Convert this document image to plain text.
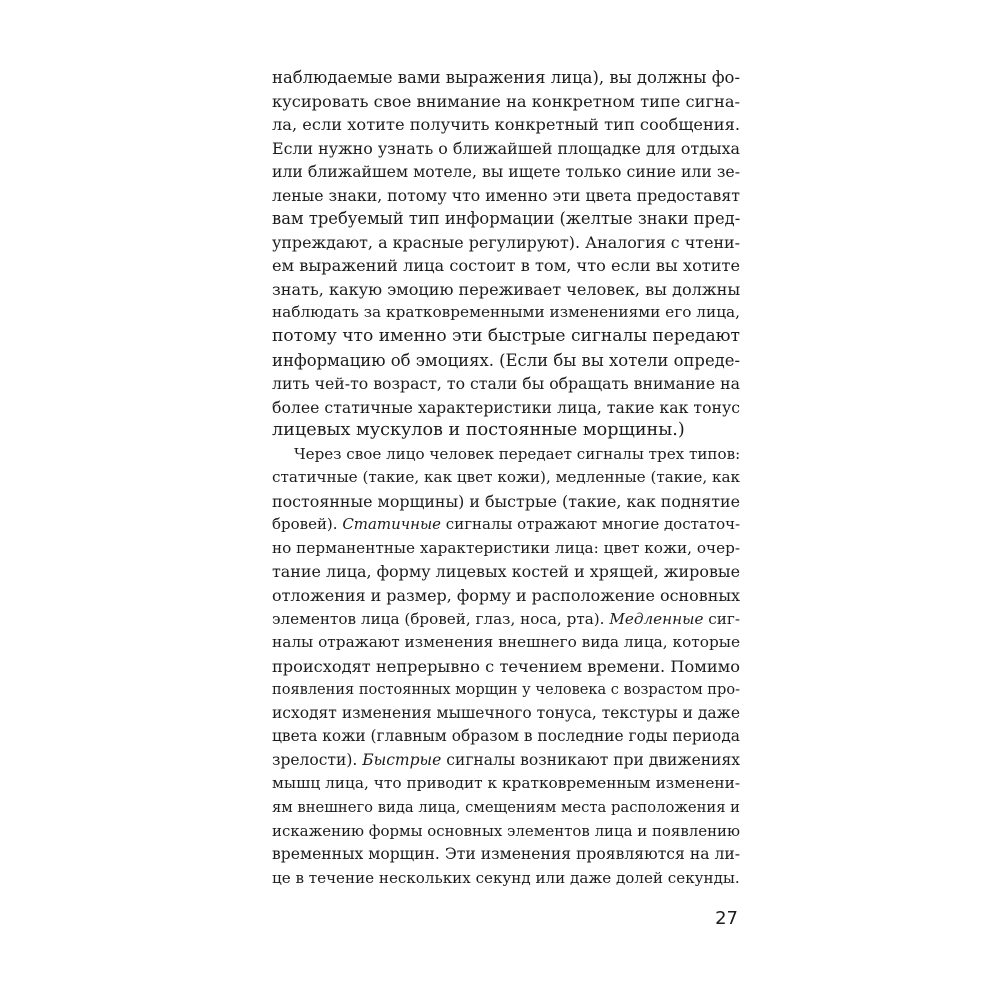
наблюдаемые вами выражения лица), вы должны фо-
кусировать свое внимание на конкретном типе сигна-
ла, если хотите получить конкретный тип сообщения.
Если нужно узнать о ближайшей площадке для отдыха
или ближайшем мотеле, вы ищете только синие или зе-
леные знаки, потому что именно эти цвета предоставят
вам требуемый тип информации (желтые знаки пред-
упреждают, а красные регулируют). Аналогия с чтени-
ем выражений лица состоит в том, что если вы хотите
знать, какую эмоцию переживает человек, вы должны
наблюдать за кратковременными изменениями его лица,
потому что именно эти быстрые сигналы передают
информацию об эмоциях. (Если бы вы хотели опреде-
лить чей-то возраст, то стали бы обращать внимание на
более статичные характеристики лица, такие как тонус
лицевых мускулов и постоянные морщины.)
Через свое лицо человек передает сигналы трех типов:
статичные (такие, как цвет кожи), медленные (такие, как
постоянные морщины) и быстрые (такие, как поднятие
бровей). Статичные сигналы отражают многие достаточ-
но перманентные характеристики лица: цвет кожи, очер-
тание лица, форму лицевых костей и хрящей, жировые
отложения и размер, форму и расположение основных
элементов лица (бровей, глаз, носа, рта). Медленные сиг-
налы отражают изменения внешнего вида лица, которые
происходят непрерывно с течением времени. Помимо
появления постоянных морщин у человека с возрастом про-
исходят изменения мышечного тонуса, текстуры и даже
цвета кожи (главным образом в последние годы периода
зрелости). Быстрые сигналы возникают при движениях
мышц лица, что приводит к кратковременным изменени-
ям внешнего вида лица, смещениям места расположения и
искажению формы основных элементов лица и появлению
временных морщин. Эти изменения проявляются на ли-
це в течение нескольких секунд или даже долей секунды.
27
